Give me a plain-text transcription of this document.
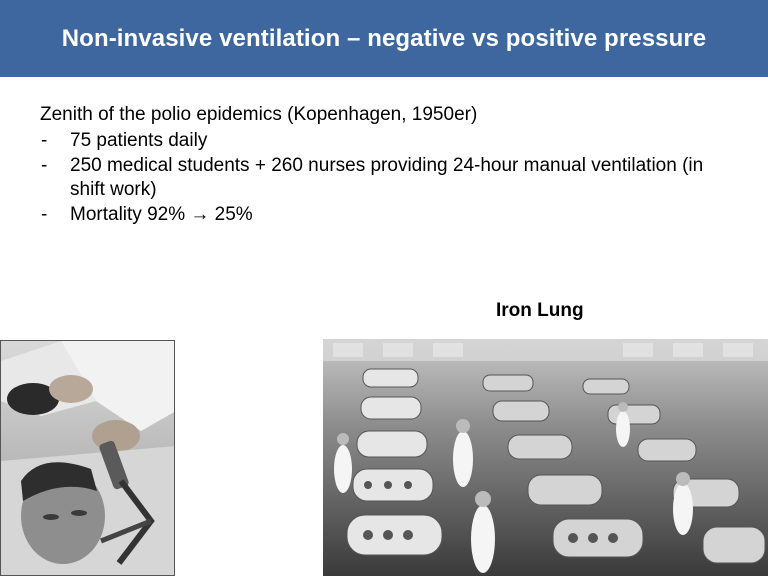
Non-invasive ventilation – negative vs positive pressure

Zenith of the polio epidemics (Kopenhagen, 1950er)

- 75 patients daily
- 250 medical students + 260 nurses providing 24-hour manual ventilation (in shift work)
- Mortality 92% → 25%
Iron Lung
